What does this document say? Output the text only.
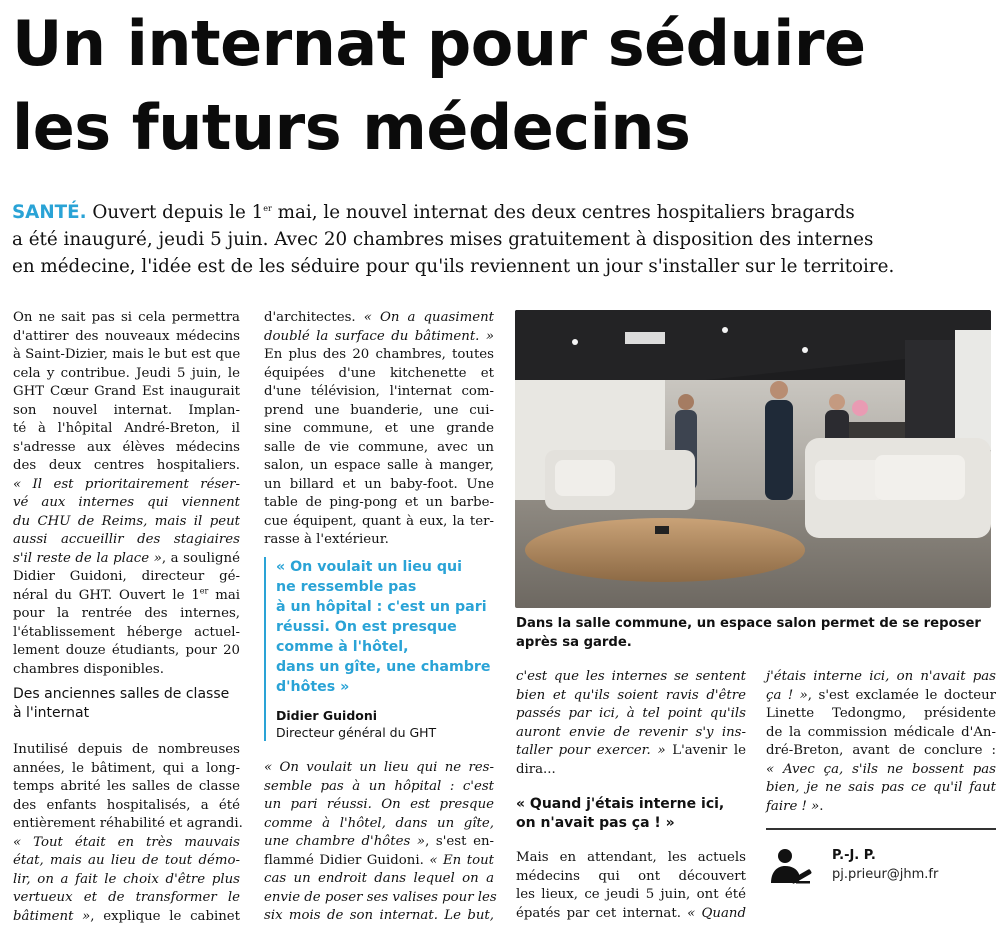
Un internat pour séduire
les futurs médecins

SANTÉ. Ouvert depuis le 1er mai, le nouvel internat des deux centres hospitaliers bragards
a été inauguré, jeudi 5 juin. Avec 20 chambres mises gratuitement à disposition des internes
en médecine, l'idée est de les séduire pour qu'ils reviennent un jour s'installer sur le territoire.

On ne sait pas si cela permettra
d'attirer des nouveaux médecins
à Saint-Dizier, mais le but est que
cela y contribue. Jeudi 5 juin, le
GHT Cœur Grand Est inaugurait
son nouvel internat. Implan-
té à l'hôpital André-Breton, il
s'adresse aux élèves médecins
des deux centres hospitaliers.
« Il est prioritairement réser-
vé aux internes qui viennent
du CHU de Reims, mais il peut
aussi accueillir des stagiaires
s'il reste de la place », a souligné
Didier Guidoni, directeur gé-
néral du GHT. Ouvert le 1er mai
pour la rentrée des internes,
l'établissement héberge actuel-
lement douze étudiants, pour 20
chambres disponibles.

Des anciennes salles de classe
à l'internat

Inutilisé depuis de nombreuses
années, le bâtiment, qui a long-
temps abrité les salles de classe
des enfants hospitalisés, a été
entièrement réhabilité et agrandi.
« Tout était en très mauvais
état, mais au lieu de tout démo-
lir, on a fait le choix d'être plus
vertueux et de transformer le
bâtiment », explique le cabinet

d'architectes. « On a quasiment
doublé la surface du bâtiment. »
En plus des 20 chambres, toutes
équipées d'une kitchenette et
d'une télévision, l'internat com-
prend une buanderie, une cui-
sine commune, et une grande
salle de vie commune, avec un
salon, un espace salle à manger,
un billard et un baby-foot. Une
table de ping-pong et un barbe-
cue équipent, quant à eux, la ter-
rasse à l'extérieur.

« On voulait un lieu qui
ne ressemble pas
à un hôpital : c'est un pari
réussi. On est presque
comme à l'hôtel,
dans un gîte, une chambre
d'hôtes »
Didier Guidoni
Directeur général du GHT

« On voulait un lieu qui ne res-
semble pas à un hôpital : c'est
un pari réussi. On est presque
comme à l'hôtel, dans un gîte,
une chambre d'hôtes », s'est en-
flammé Didier Guidoni. « En tout
cas un endroit dans lequel on a
envie de poser ses valises pour les
six mois de son internat. Le but,

Dans la salle commune, un espace salon permet de se reposer
après sa garde.

c'est que les internes se sentent
bien et qu'ils soient ravis d'être
passés par ici, à tel point qu'ils
auront envie de revenir s'y ins-
taller pour exercer. » L'avenir le
dira...

« Quand j'étais interne ici,
on n'avait pas ça ! »

Mais en attendant, les actuels
médecins qui ont découvert
les lieux, ce jeudi 5 juin, ont été
épatés par cet internat. « Quand

j'étais interne ici, on n'avait pas
ça ! », s'est exclamée le docteur
Linette Tedongmo, présidente
de la commission médicale d'An-
dré-Breton, avant de conclure :
« Avec ça, s'ils ne bossent pas
bien, je ne sais pas ce qu'il faut
faire ! ».

P.-J. P.
pj.prieur@jhm.fr
